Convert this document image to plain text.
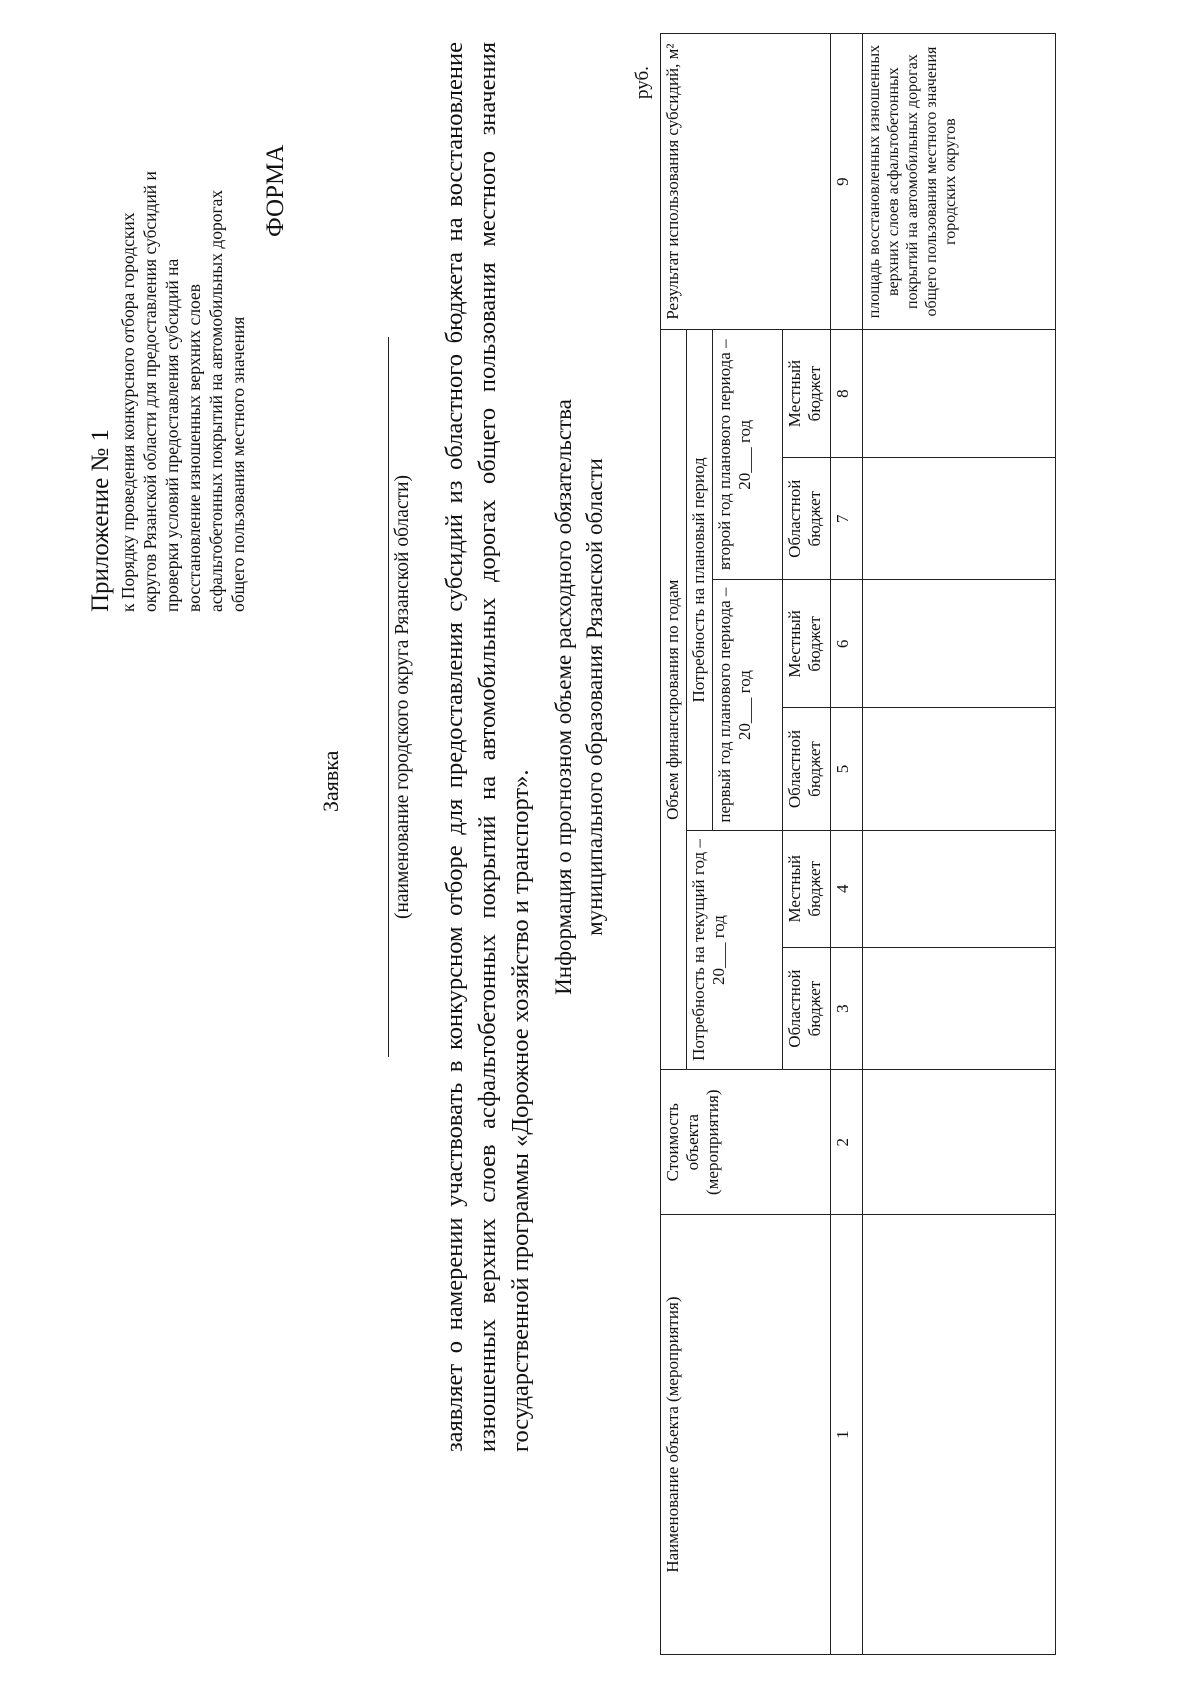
Приложение № 1 к Порядку проведения конкурсного отбора городских округов Рязанской области для предоставления субсидий и проверки условий предоставления субсидий на восстановление изношенных верхних слоев асфальтобетонных покрытий на автомобильных дорогах общего пользования местного значения
ФОРМА
Заявка	(наименование городского округа Рязанской области) заявляет о намерении участвовать в конкурсном отборе для предоставления субсидий из областного бюджета на восстановление изношенных верхних слоев асфальтобетонных покрытий на автомобильных дорогах общего пользования местного значения государственной программы «Дорожное хозяйство и транспорт».
Информация о прогнозном объеме расходного обязательства муниципального образования Рязанской области
руб.
Наименование объекта (мероприятия)	Стоимость объекта (мероприятия)	Объем финансирования по годам						Результат использования субсидий, м²
		Потребность на текущий год – 20___ год		Потребность на плановый период				
				первый год планового периода – 20___ год		второй год планового периода – 20___ год		
		Областной бюджет	Местный бюджет	Областной бюджет	Местный бюджет	Областной бюджет	Местный бюджет	
1	2	3	4	5	6	7	8	9
								площадь восстановленных изношенных верхних слоев асфальтобетонных покрытий на автомобильных дорогах общего пользования местного значения городских округов
